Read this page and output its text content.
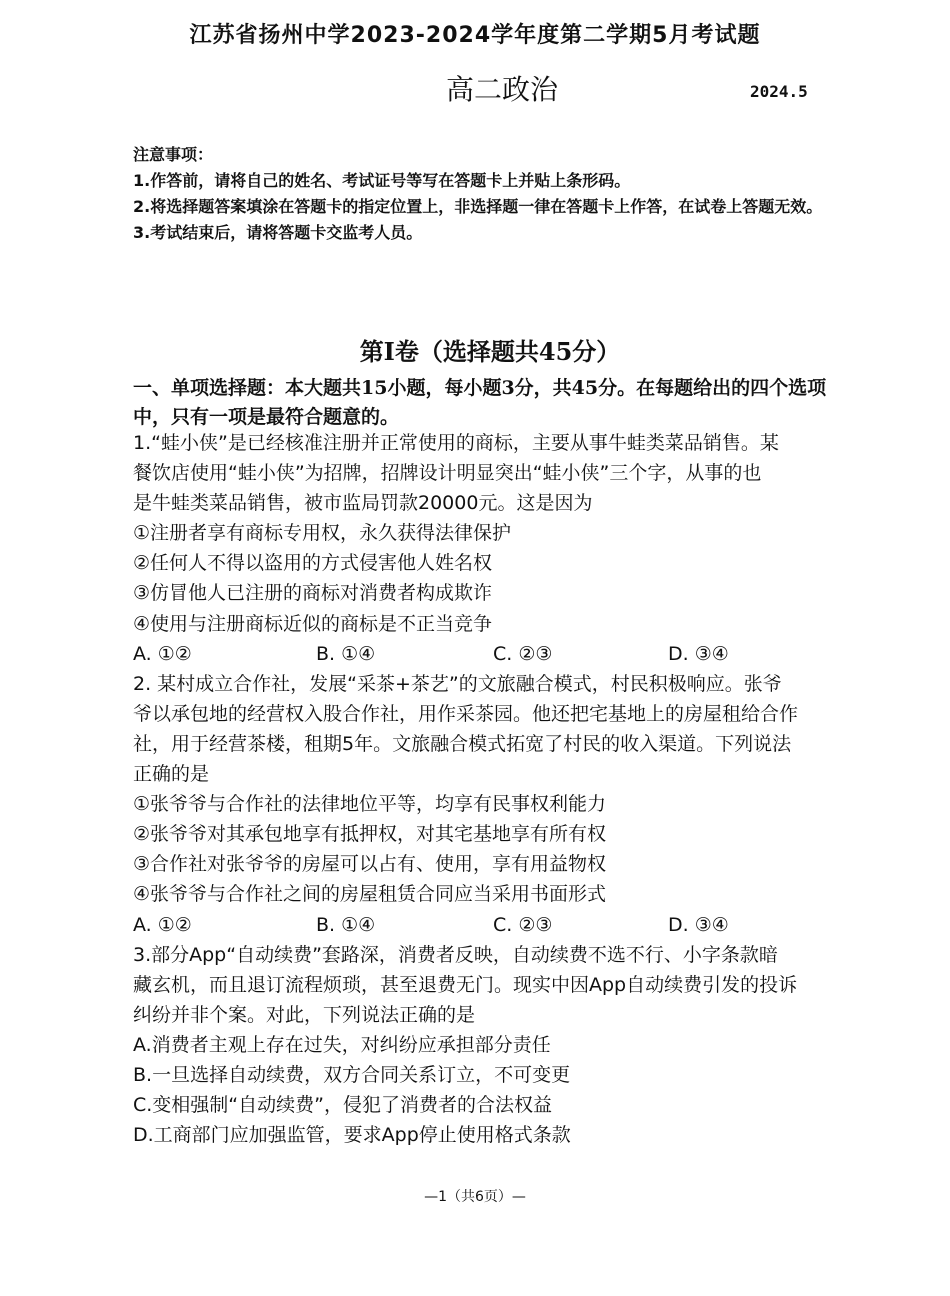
江苏省扬州中学2023-2024学年度第二学期5月考试题
高二政治	2024.5
注意事项：
1.作答前，请将自己的姓名、考试证号等写在答题卡上并贴上条形码。
2.将选择题答案填涂在答题卡的指定位置上，非选择题一律在答题卡上作答，在试卷上答题无效。
3.考试结束后，请将答题卡交监考人员。
第Ⅰ卷（选择题共45分）
一、单项选择题：本大题共15小题，每小题3分，共45分。在每题给出的四个选项中，只有一项是最符合题意的。
1.“蛙小侠”是已经核准注册并正常使用的商标，主要从事牛蛙类菜品销售。某
餐饮店使用“蛙小侠”为招牌，招牌设计明显突出“蛙小侠”三个字，从事的也
是牛蛙类菜品销售，被市监局罚款20000元。这是因为
①注册者享有商标专用权，永久获得法律保护
②任何人不得以盗用的方式侵害他人姓名权
③仿冒他人已注册的商标对消费者构成欺诈
④使用与注册商标近似的商标是不正当竞争
A. ①②	B. ①④	C. ②③	D. ③④
2. 某村成立合作社，发展“采茶+茶艺”的文旅融合模式，村民积极响应。张爷
爷以承包地的经营权入股合作社，用作采茶园。他还把宅基地上的房屋租给合作
社，用于经营茶楼，租期5年。文旅融合模式拓宽了村民的收入渠道。下列说法
正确的是
①张爷爷与合作社的法律地位平等，均享有民事权利能力
②张爷爷对其承包地享有抵押权，对其宅基地享有所有权
③合作社对张爷爷的房屋可以占有、使用，享有用益物权
④张爷爷与合作社之间的房屋租赁合同应当采用书面形式
A. ①②	B. ①④	C. ②③	D. ③④
3.部分App“自动续费”套路深，消费者反映，自动续费不选不行、小字条款暗
藏玄机，而且退订流程烦琐，甚至退费无门。现实中因App自动续费引发的投诉
纠纷并非个案。对此，下列说法正确的是
A.消费者主观上存在过失，对纠纷应承担部分责任
B.一旦选择自动续费，双方合同关系订立，不可变更
C.变相强制“自动续费”，侵犯了消费者的合法权益
D.工商部门应加强监管，要求App停止使用格式条款
—1（共6页）—
